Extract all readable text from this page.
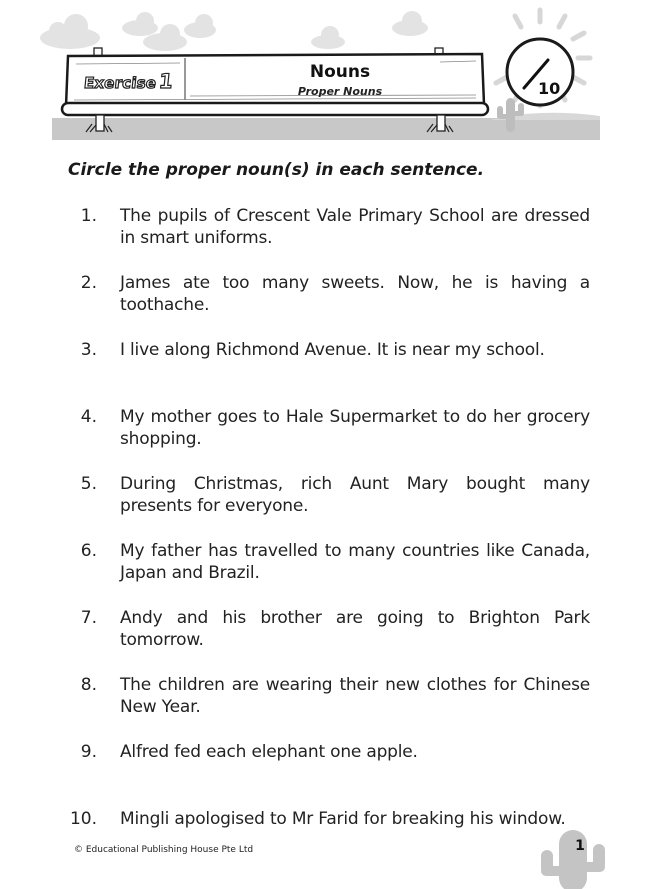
Exercise1	Nouns
Proper Nouns	10
Circle the proper noun(s) in each sentence.
1.	The pupils of Crescent Vale Primary School are dressed in smart uniforms.
2.	James ate too many sweets. Now, he is having a toothache.
3.	I live along Richmond Avenue. It is near my school.
4.	My mother goes to Hale Supermarket to do her grocery shopping.
5.	During Christmas, rich Aunt Mary bought many presents for everyone.
6.	My father has travelled to many countries like Canada, Japan and Brazil.
7.	Andy and his brother are going to Brighton Park tomorrow.
8.	The children are wearing their new clothes for Chinese New Year.
9.	Alfred fed each elephant one apple.
10.	Mingli apologised to Mr Farid for breaking his window.
© Educational Publishing House Pte Ltd	1
